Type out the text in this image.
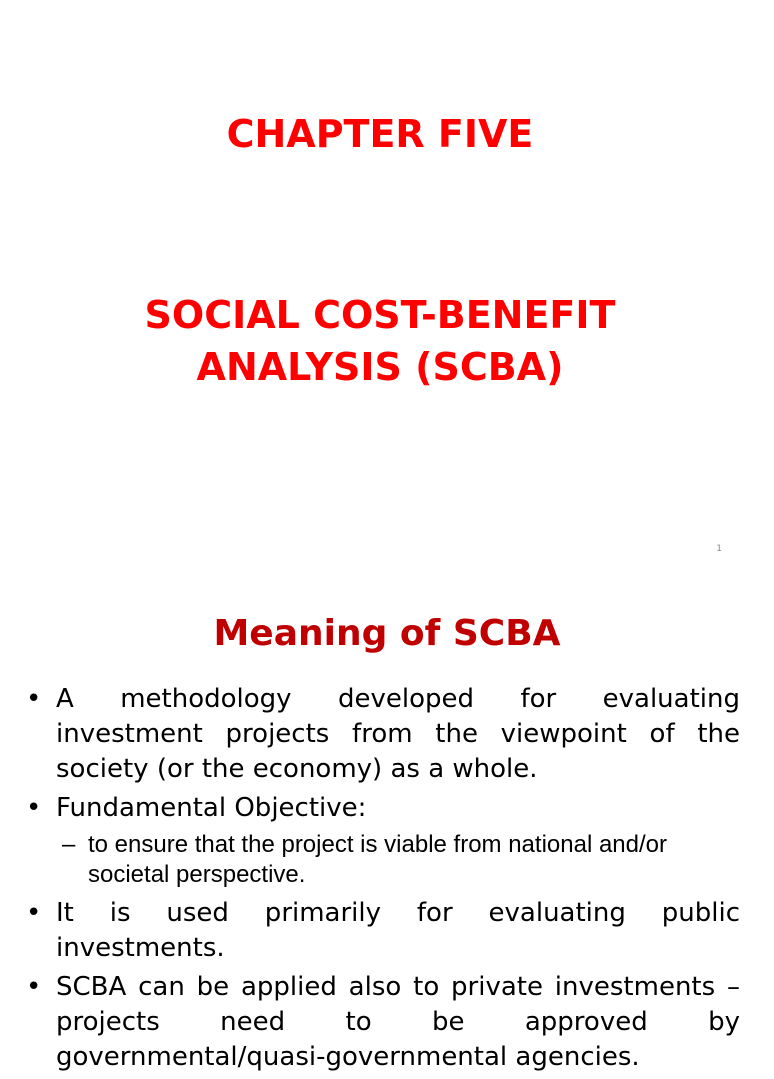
CHAPTER FIVE
SOCIAL COST-BENEFIT
ANALYSIS (SCBA)
1
Meaning of SCBA
• A methodology developed for evaluating investment projects from the viewpoint of the society (or the economy) as a whole.
• Fundamental Objective:
– to ensure that the project is viable from national and/or societal perspective.
• It is used primarily for evaluating public investments.
• SCBA can be applied also to private investments – projects need to be approved by governmental/quasi-governmental agencies.
